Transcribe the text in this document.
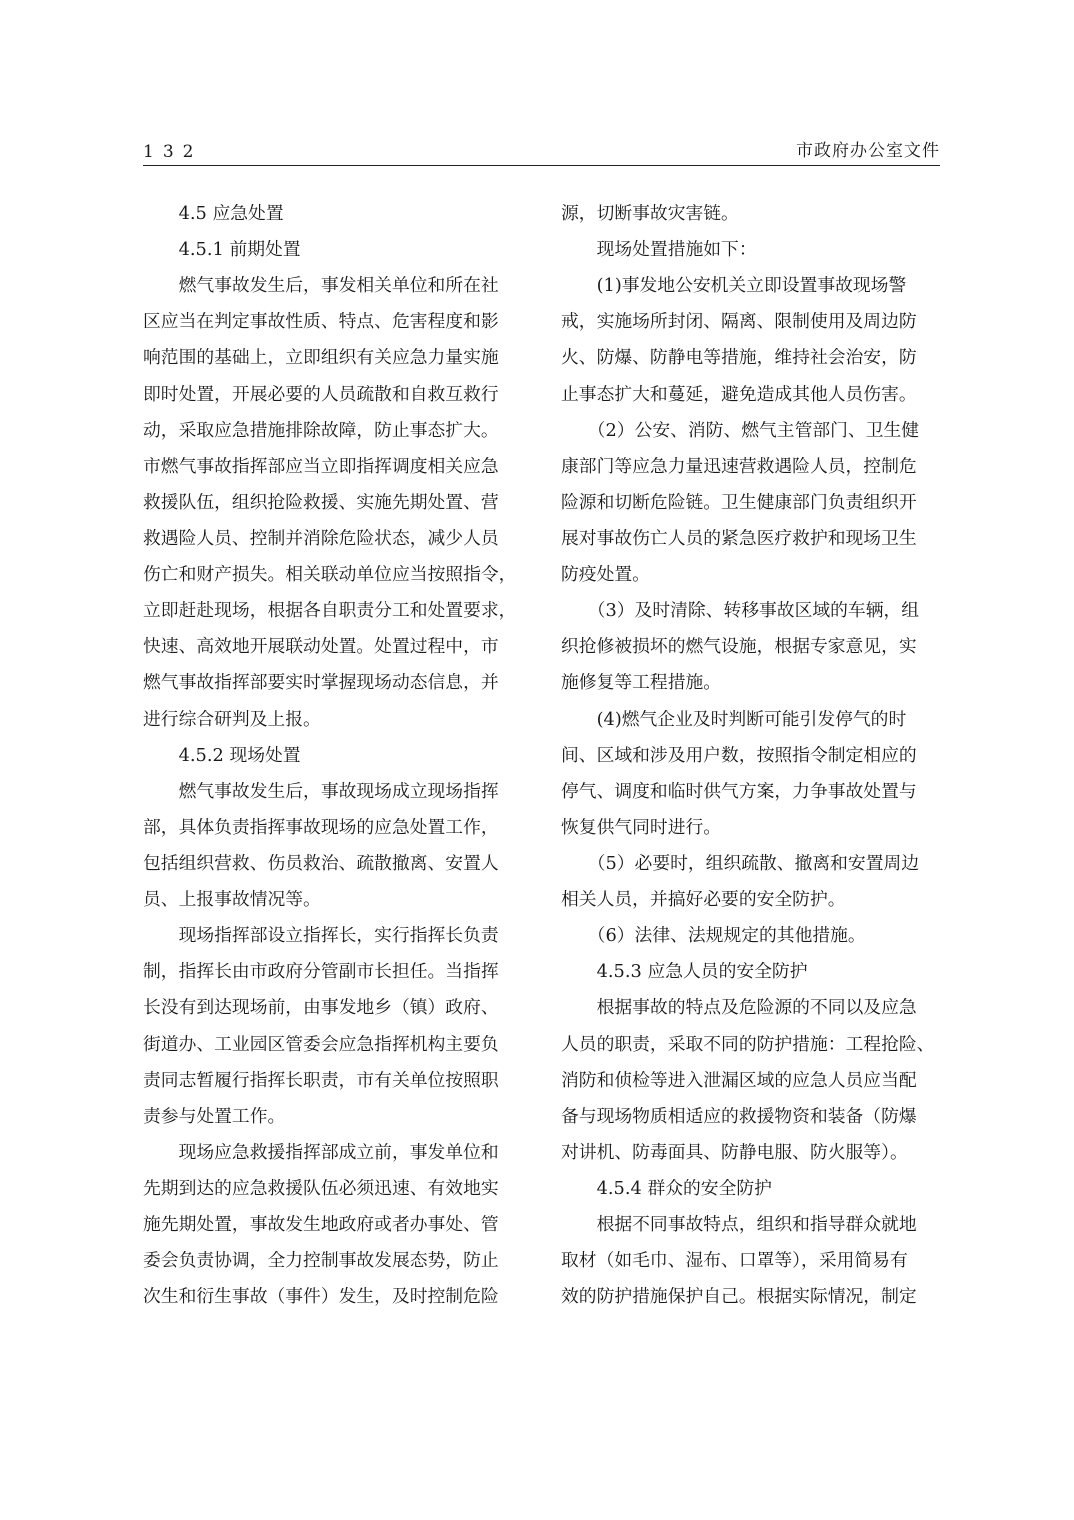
132	市政府办公室文件
　　4.5 应急处置
　　4.5.1 前期处置
　　燃气事故发生后，事发相关单位和所在社
区应当在判定事故性质、特点、危害程度和影
响范围的基础上，立即组织有关应急力量实施
即时处置，开展必要的人员疏散和自救互救行
动，采取应急措施排除故障，防止事态扩大。
市燃气事故指挥部应当立即指挥调度相关应急
救援队伍，组织抢险救援、实施先期处置、营
救遇险人员、控制并消除危险状态，减少人员
伤亡和财产损失。相关联动单位应当按照指令，
立即赶赴现场，根据各自职责分工和处置要求，
快速、高效地开展联动处置。处置过程中，市
燃气事故指挥部要实时掌握现场动态信息，并
进行综合研判及上报。
　　4.5.2 现场处置
　　燃气事故发生后，事故现场成立现场指挥
部，具体负责指挥事故现场的应急处置工作，
包括组织营救、伤员救治、疏散撤离、安置人
员、上报事故情况等。
　　现场指挥部设立指挥长，实行指挥长负责
制，指挥长由市政府分管副市长担任。当指挥
长没有到达现场前，由事发地乡（镇）政府、
街道办、工业园区管委会应急指挥机构主要负
责同志暂履行指挥长职责，市有关单位按照职
责参与处置工作。
　　现场应急救援指挥部成立前，事发单位和
先期到达的应急救援队伍必须迅速、有效地实
施先期处置，事故发生地政府或者办事处、管
委会负责协调，全力控制事故发展态势，防止
次生和衍生事故（事件）发生，及时控制危险
源，切断事故灾害链。
　　现场处置措施如下：
　　(1)事发地公安机关立即设置事故现场警
戒，实施场所封闭、隔离、限制使用及周边防
火、防爆、防静电等措施，维持社会治安，防
止事态扩大和蔓延，避免造成其他人员伤害。
　　（2）公安、消防、燃气主管部门、卫生健
康部门等应急力量迅速营救遇险人员，控制危
险源和切断危险链。卫生健康部门负责组织开
展对事故伤亡人员的紧急医疗救护和现场卫生
防疫处置。
　　（3）及时清除、转移事故区域的车辆，组
织抢修被损坏的燃气设施，根据专家意见，实
施修复等工程措施。
　　(4)燃气企业及时判断可能引发停气的时
间、区域和涉及用户数，按照指令制定相应的
停气、调度和临时供气方案，力争事故处置与
恢复供气同时进行。
　　（5）必要时，组织疏散、撤离和安置周边
相关人员，并搞好必要的安全防护。
　　（6）法律、法规规定的其他措施。
　　4.5.3 应急人员的安全防护
　　根据事故的特点及危险源的不同以及应急
人员的职责，采取不同的防护措施：工程抢险、
消防和侦检等进入泄漏区域的应急人员应当配
备与现场物质相适应的救援物资和装备（防爆
对讲机、防毒面具、防静电服、防火服等）。
　　4.5.4 群众的安全防护
　　根据不同事故特点，组织和指导群众就地
取材（如毛巾、湿布、口罩等），采用简易有
效的防护措施保护自己。根据实际情况，制定
